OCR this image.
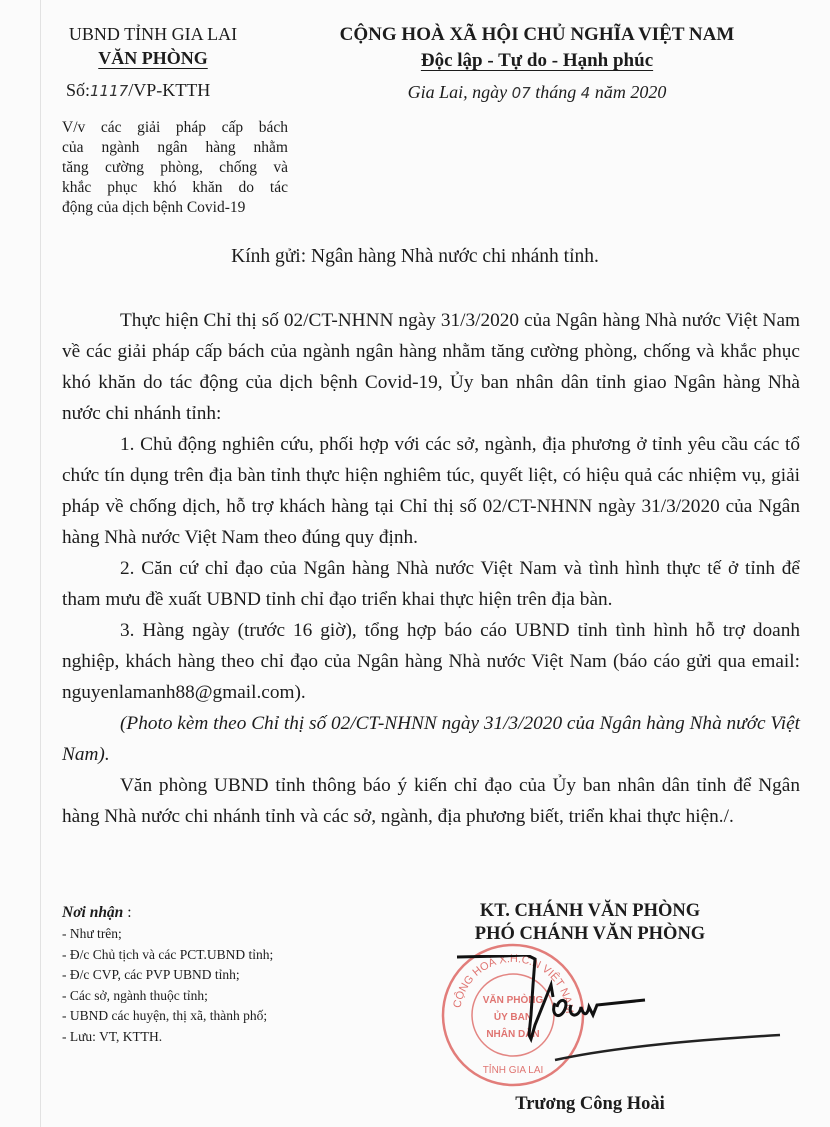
UBND TỈNH GIA LAI
VĂN PHÒNG
Số:1117/VP-KTTH
V/v các giải pháp cấp bách
của ngành ngân hàng nhằm
tăng cường phòng, chống và
khắc phục khó khăn do tác
động của dịch bệnh Covid-19
CỘNG HOÀ XÃ HỘI CHỦ NGHĨA VIỆT NAM
Độc lập - Tự do - Hạnh phúc
Gia Lai, ngày 07 tháng 4 năm 2020
Kính gửi: Ngân hàng Nhà nước chi nhánh tỉnh.

Thực hiện Chỉ thị số 02/CT-NHNN ngày 31/3/2020 của Ngân hàng Nhà nước Việt Nam về các giải pháp cấp bách của ngành ngân hàng nhằm tăng cường phòng, chống và khắc phục khó khăn do tác động của dịch bệnh Covid-19, Ủy ban nhân dân tỉnh giao Ngân hàng Nhà nước chi nhánh tỉnh:

1. Chủ động nghiên cứu, phối hợp với các sở, ngành, địa phương ở tỉnh yêu cầu các tổ chức tín dụng trên địa bàn tỉnh thực hiện nghiêm túc, quyết liệt, có hiệu quả các nhiệm vụ, giải pháp về chống dịch, hỗ trợ khách hàng tại Chỉ thị số 02/CT-NHNN ngày 31/3/2020 của Ngân hàng Nhà nước Việt Nam theo đúng quy định.

2. Căn cứ chỉ đạo của Ngân hàng Nhà nước Việt Nam và tình hình thực tế ở tỉnh để tham mưu đề xuất UBND tỉnh chỉ đạo triển khai thực hiện trên địa bàn.

3. Hàng ngày (trước 16 giờ), tổng hợp báo cáo UBND tỉnh tình hình hỗ trợ doanh nghiệp, khách hàng theo chỉ đạo của Ngân hàng Nhà nước Việt Nam (báo cáo gửi qua email: nguyenlamanh88@gmail.com).

(Photo kèm theo Chỉ thị số 02/CT-NHNN ngày 31/3/2020 của Ngân hàng Nhà nước Việt Nam).

Văn phòng UBND tỉnh thông báo ý kiến chỉ đạo của Ủy ban nhân dân tỉnh để Ngân hàng Nhà nước chi nhánh tỉnh và các sở, ngành, địa phương biết, triển khai thực hiện./.

Nơi nhận :
- Như trên;
- Đ/c Chủ tịch và các PCT.UBND tỉnh;
- Đ/c CVP, các PVP UBND tỉnh;
- Các sở, ngành thuộc tỉnh;
- UBND các huyện, thị xã, thành phố;
- Lưu: VT, KTTH.
KT. CHÁNH VĂN PHÒNG
PHÓ CHÁNH VĂN PHÒNG
CỘNG HOÀ X.H.C.N VIỆT NAM
TỈNH GIA LAI
VĂN PHÒNG
ỦY BAN
NHÂN DÂN
Trương Công Hoài
